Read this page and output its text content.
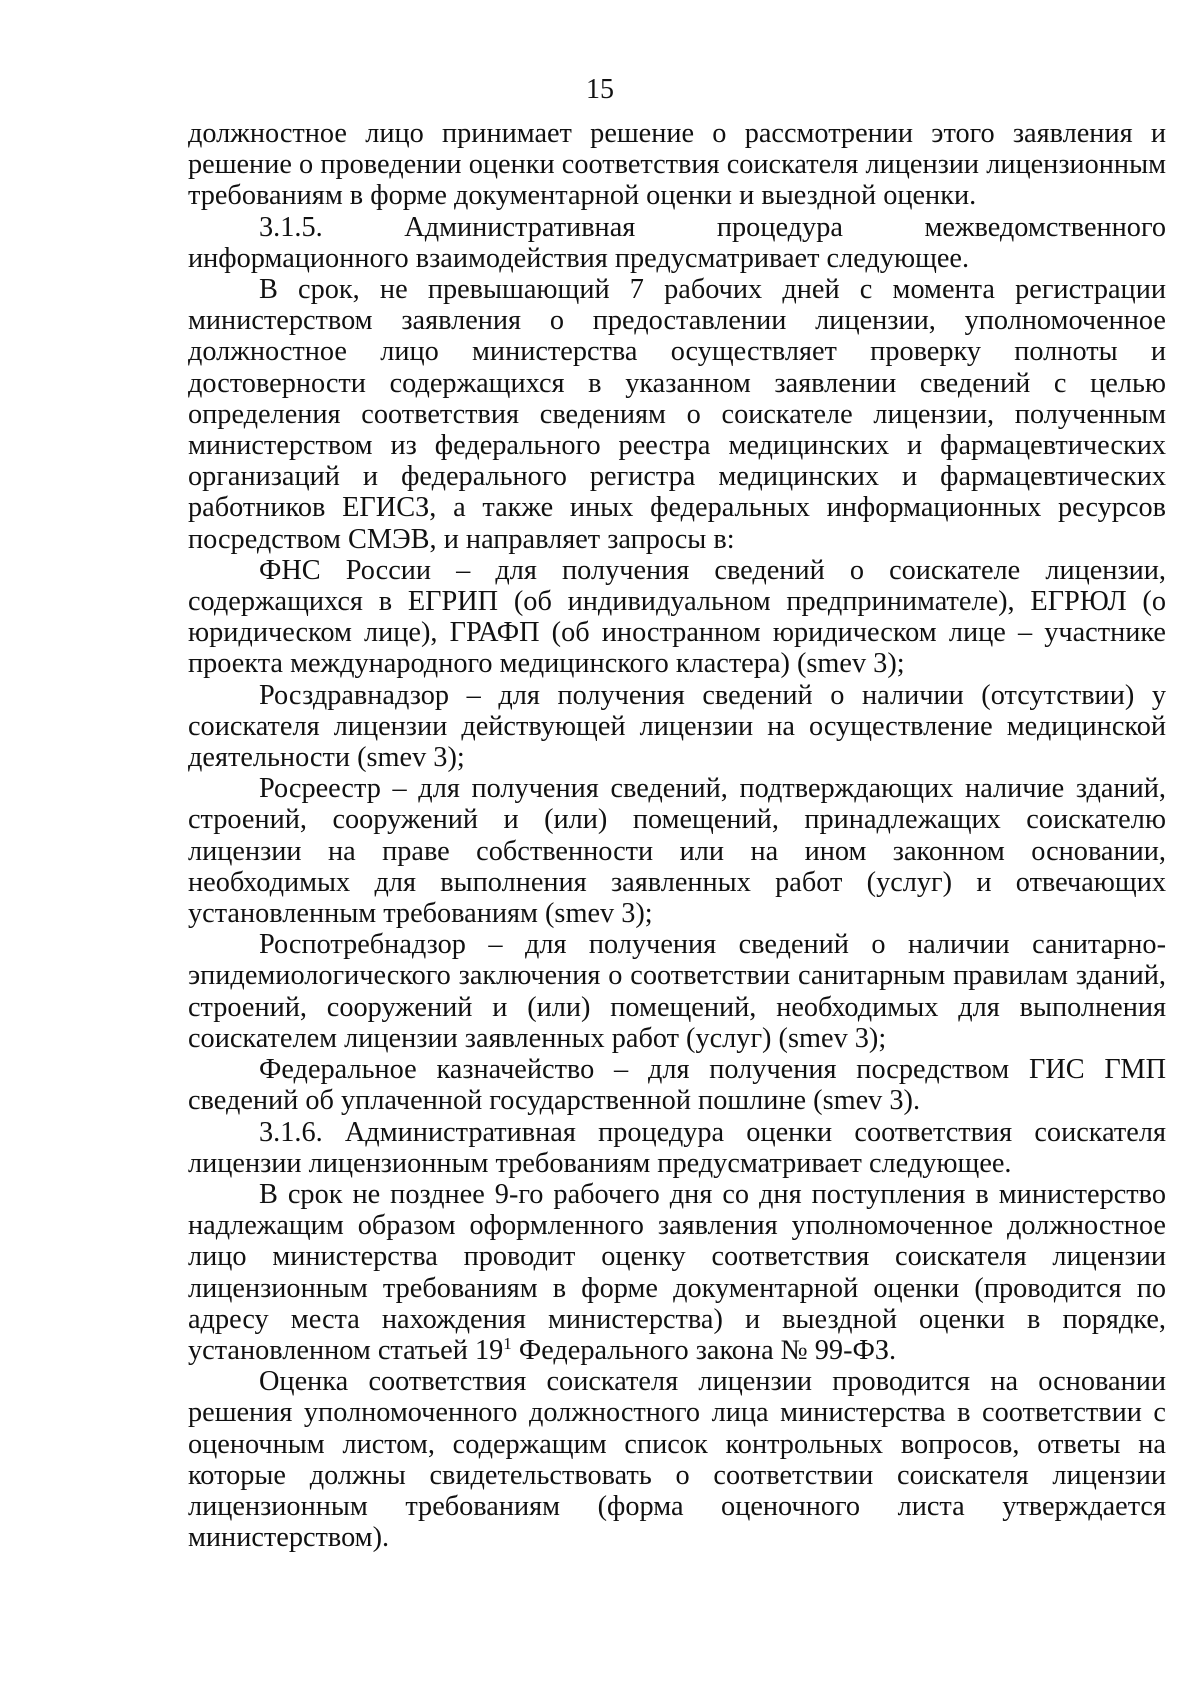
15

должностное лицо принимает решение о рассмотрении этого заявления и решение о проведении оценки соответствия соискателя лицензии лицензионным требованиям в форме документарной оценки и выездной оценки.

3.1.5. Административная процедура межведомственного информационного взаимодействия предусматривает следующее.

В срок, не превышающий 7 рабочих дней с момента регистрации министерством заявления о предоставлении лицензии, уполномоченное должностное лицо министерства осуществляет проверку полноты и достоверности содержащихся в указанном заявлении сведений с целью определения соответствия сведениям о соискателе лицензии, полученным министерством из федерального реестра медицинских и фармацевтических организаций и федерального регистра медицинских и фармацевтических работников ЕГИСЗ, а также иных федеральных информационных ресурсов посредством СМЭВ, и направляет запросы в:

ФНС России – для получения сведений о соискателе лицензии, содержащихся в ЕГРИП (об индивидуальном предпринимателе), ЕГРЮЛ (о юридическом лице), ГРАФП (об иностранном юридическом лице – участнике проекта международного медицинского кластера) (smev 3);

Росздравнадзор – для получения сведений о наличии (отсутствии) у соискателя лицензии действующей лицензии на осуществление медицинской деятельности (smev 3);

Росреестр – для получения сведений, подтверждающих наличие зданий, строений, сооружений и (или) помещений, принадлежащих соискателю лицензии на праве собственности или на ином законном основании, необходимых для выполнения заявленных работ (услуг) и отвечающих установленным требованиям (smev 3);

Роспотребнадзор – для получения сведений о наличии санитарно-эпидемиологического заключения о соответствии санитарным правилам зданий, строений, сооружений и (или) помещений, необходимых для выполнения соискателем лицензии заявленных работ (услуг) (smev 3);

Федеральное казначейство – для получения посредством ГИС ГМП сведений об уплаченной государственной пошлине (smev 3).

3.1.6. Административная процедура оценки соответствия соискателя лицензии лицензионным требованиям предусматривает следующее.

В срок не позднее 9-го рабочего дня со дня поступления в министерство надлежащим образом оформленного заявления уполномоченное должностное лицо министерства проводит оценку соответствия соискателя лицензии лицензионным требованиям в форме документарной оценки (проводится по адресу места нахождения министерства) и выездной оценки в порядке, установленном статьей $19^1$ Федерального закона № 99-ФЗ.

Оценка соответствия соискателя лицензии проводится на основании решения уполномоченного должностного лица министерства в соответствии с оценочным листом, содержащим список контрольных вопросов, ответы на которые должны свидетельствовать о соответствии соискателя лицензии лицензионным требованиям (форма оценочного листа утверждается министерством).
